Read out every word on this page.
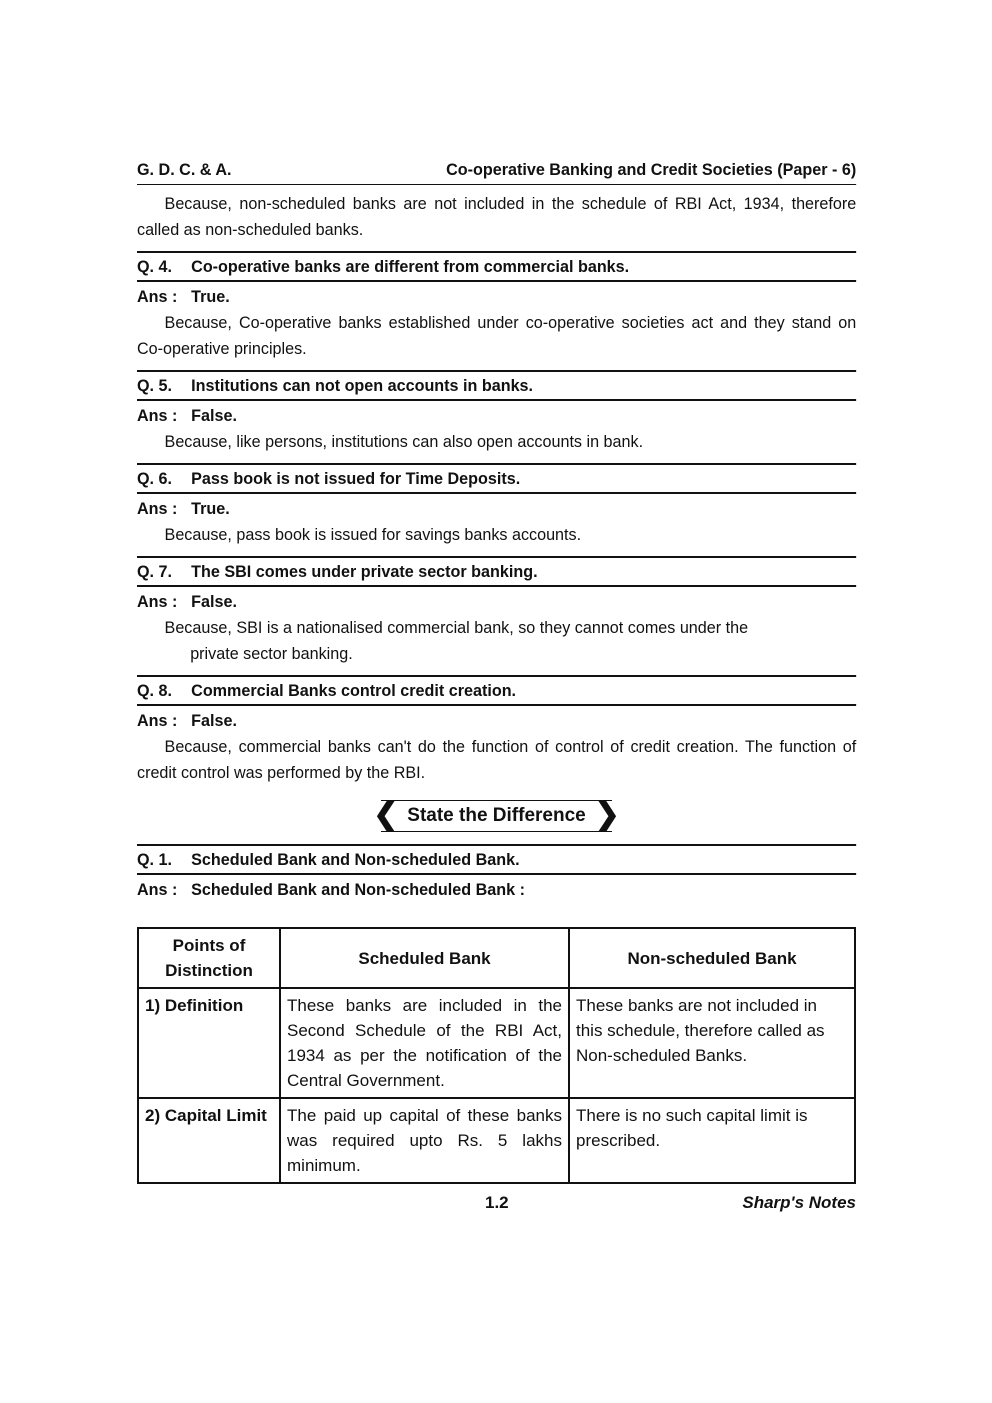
G. D. C. & A.	Co-operative Banking and Credit Societies (Paper - 6)

Because, non-scheduled banks are not included in the schedule of RBI Act, 1934, therefore called as non-scheduled banks.

Q. 4.	Co-operative banks are different from commercial banks.
Ans : True.

Because, Co-operative banks established under co-operative societies act and they stand on Co-operative principles.

Q. 5.	Institutions can not open accounts in banks.
Ans : False.

Because, like persons, institutions can also open accounts in bank.

Q. 6.	Pass book is not issued for Time Deposits.
Ans : True.

Because, pass book is issued for savings banks accounts.

Q. 7.	The SBI comes under private sector banking.
Ans : False.

Because, SBI is a nationalised commercial bank, so they cannot comes under the
private sector banking.

Q. 8.	Commercial Banks control credit creation.
Ans : False.

Because, commercial banks can't do the function of control of credit creation. The function of credit control was performed by the RBI.

❮ State the Difference ❯
Q. 1.	Scheduled Bank and Non-scheduled Bank.
Ans : Scheduled Bank and Non-scheduled Bank :
Points of Distinction	Scheduled Bank	Non-scheduled Bank
1) Definition	These banks are included in the Second Schedule of the RBI Act, 1934 as per the notification of the Central Government.	These banks are not included in this schedule, therefore called as Non-scheduled Banks.
2) Capital Limit	The paid up capital of these banks was required upto Rs. 5 lakhs minimum.	There is no such capital limit is prescribed.
1.2	Sharp's Notes
